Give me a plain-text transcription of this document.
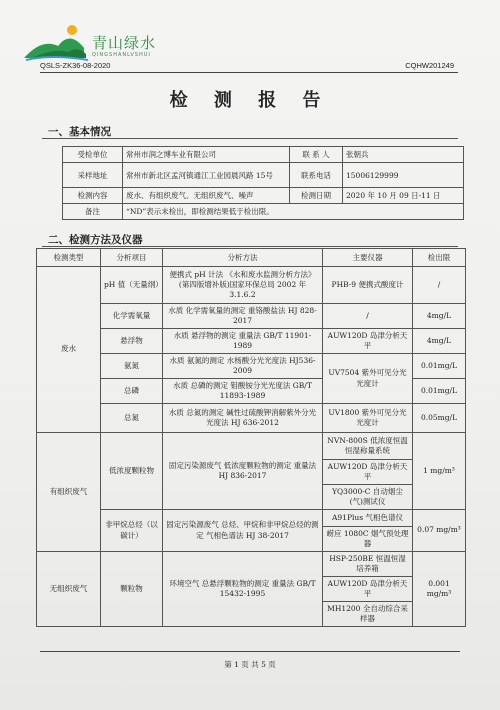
青山绿水
QINGSHANLVSHUI
QSLS-ZK36-08-2020	CQHW201249
检 测 报 告
一、基本情况
受检单位	常州市润之博车业有限公司	联 系 人	张朝兵
采样地址	常州市新北区孟河镇通江工业园晨风路 15号	联系电话	15006129999
检测内容	废水、有组织废气、无组织废气、噪声	检测日期	2020 年 10 月 09 日-11 日
备注	“ND”表示未检出，即检测结果低于检出限。		
二、检测方法及仪器
检测类型	分析项目	分析方法	主要仪器	检出限
废水	pH 值（无量纲）	便携式 pH 计法 《水和废水监测分析方法》(第四版增补版)国家环保总局 2002 年 3.1.6.2	PHB-9 便携式酸度计	/
	化学需氧量	水质 化学需氧量的测定 重铬酸盐法 HJ 828-2017	/	4mg/L
	悬浮物	水质 悬浮物的测定 重量法 GB/T 11901-1989	AUW120D 岛津分析天平	4mg/L
	氨氮	水质 氨氮的测定 水杨酸分光光度法 HJ536-2009	UV7504 紫外可见分光光度计	0.01mg/L
	总磷	水质 总磷的测定 钼酸铵分光光度法 GB/T 11893-1989		0.01mg/L
	总氮	水质 总氮的测定 碱性过硫酸钾消解紫外分光光度法 HJ 636-2012	UV1800 紫外可见分光光度计	0.05mg/L
有组织废气	低浓度颗粒物	固定污染源废气 低浓度颗粒物的测定 重量法 HJ 836-2017	NVN-800S 低浓度恒温恒湿称量系统	1 mg/m³
			AUW120D 岛津分析天平	
			YQ3000-C 自动烟尘(气)测试仪	
	非甲烷总烃（以碳计）	固定污染源废气 总烃、甲烷和非甲烷总烃的测定 气相色谱法 HJ 38-2017	A91Plus 气相色谱仪	0.07 mg/m³
			崂应 1080C 烟气预处理器	
无组织废气	颗粒物	环境空气 总悬浮颗粒物的测定 重量法 GB/T 15432-1995	HSP-250BE 恒温恒湿培养箱	0.001 mg/m³
			AUW120D 岛津分析天平	
			MH1200 全自动综合采样器	
第 1 页 共 5 页
